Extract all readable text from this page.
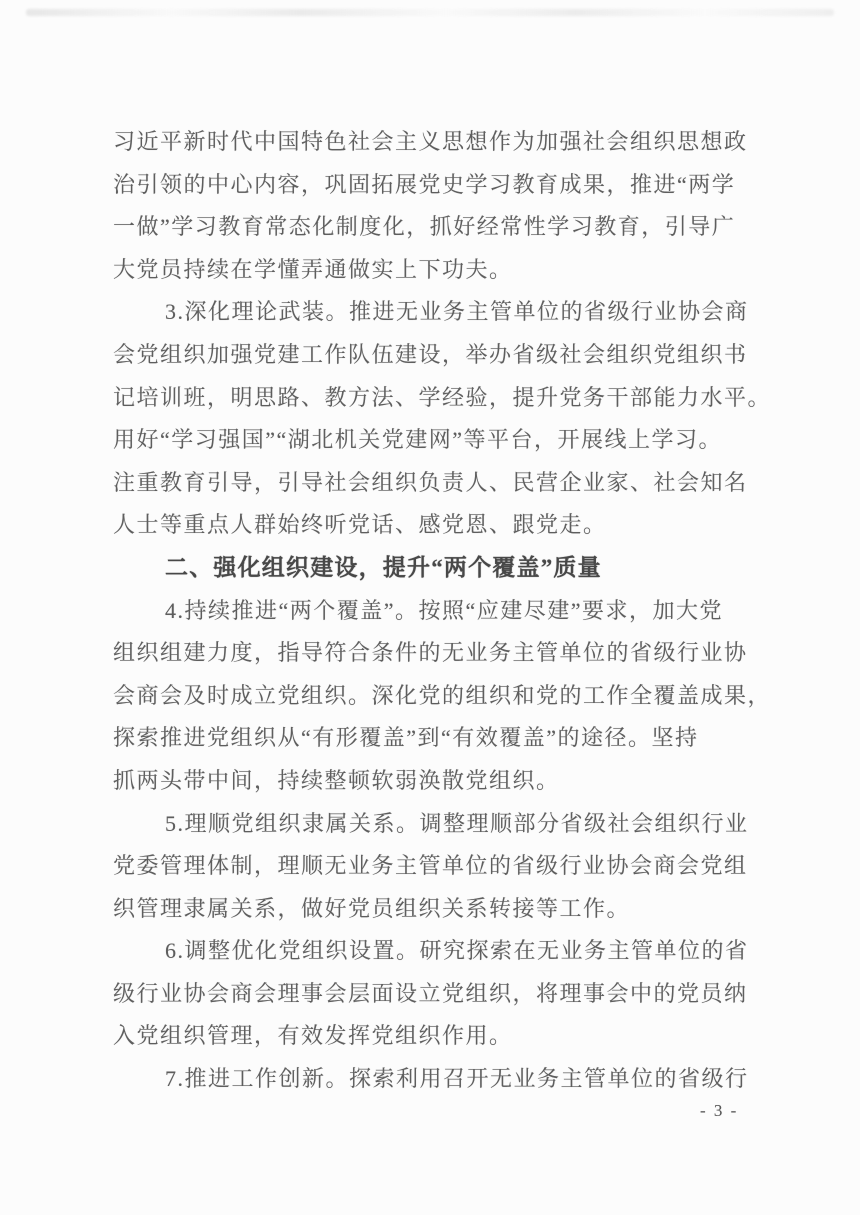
习近平新时代中国特色社会主义思想作为加强社会组织思想政
治引领的中心内容，巩固拓展党史学习教育成果，推进“两学
一做”学习教育常态化制度化，抓好经常性学习教育，引导广
大党员持续在学懂弄通做实上下功夫。
3.深化理论武装。推进无业务主管单位的省级行业协会商
会党组织加强党建工作队伍建设，举办省级社会组织党组织书
记培训班，明思路、教方法、学经验，提升党务干部能力水平。
用好“学习强国”“湖北机关党建网”等平台，开展线上学习。
注重教育引导，引导社会组织负责人、民营企业家、社会知名
人士等重点人群始终听党话、感党恩、跟党走。
二、强化组织建设，提升“两个覆盖”质量
4.持续推进“两个覆盖”。按照“应建尽建”要求，加大党
组织组建力度，指导符合条件的无业务主管单位的省级行业协
会商会及时成立党组织。深化党的组织和党的工作全覆盖成果，
探索推进党组织从“有形覆盖”到“有效覆盖”的途径。坚持
抓两头带中间，持续整顿软弱涣散党组织。
5.理顺党组织隶属关系。调整理顺部分省级社会组织行业
党委管理体制，理顺无业务主管单位的省级行业协会商会党组
织管理隶属关系，做好党员组织关系转接等工作。
6.调整优化党组织设置。研究探索在无业务主管单位的省
级行业协会商会理事会层面设立党组织，将理事会中的党员纳
入党组织管理，有效发挥党组织作用。
7.推进工作创新。探索利用召开无业务主管单位的省级行
- 3 -
